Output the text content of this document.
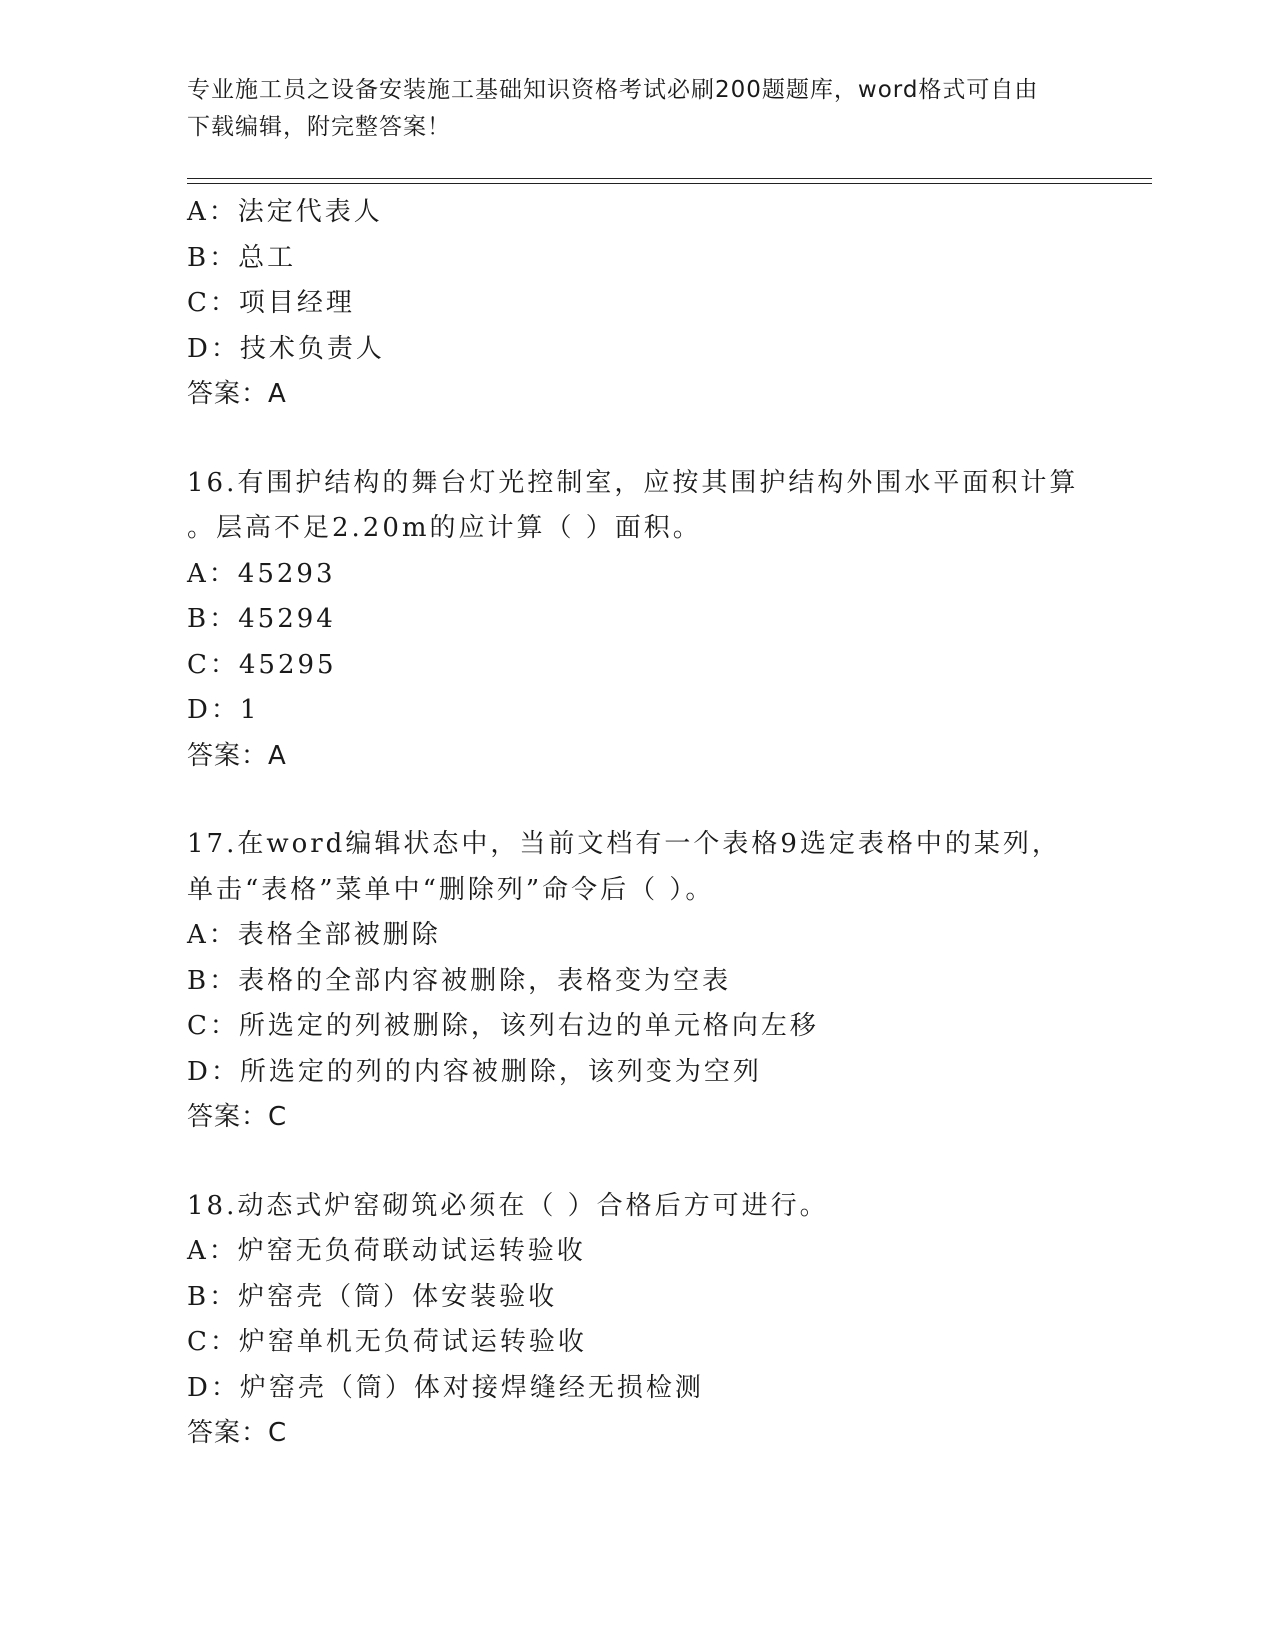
专业施工员之设备安装施工基础知识资格考试必刷200题题库，word格式可自由
下载编辑，附完整答案！
A：法定代表人
B：总工
C：项目经理
D：技术负责人
答案：A
16.有围护结构的舞台灯光控制室，应按其围护结构外围水平面积计算
。层高不足2.20m的应计算（ ）面积。
A：45293
B：45294
C：45295
D：1
答案：A
17.在word编辑状态中，当前文档有一个表格9选定表格中的某列，
单击“表格”菜单中“删除列”命令后（ ）。
A：表格全部被删除
B：表格的全部内容被删除，表格变为空表
C：所选定的列被删除，该列右边的单元格向左移
D：所选定的列的内容被删除，该列变为空列
答案：C
18.动态式炉窑砌筑必须在（ ）合格后方可进行。
A：炉窑无负荷联动试运转验收
B：炉窑壳（筒）体安装验收
C：炉窑单机无负荷试运转验收
D：炉窑壳（筒）体对接焊缝经无损检测
答案：C
